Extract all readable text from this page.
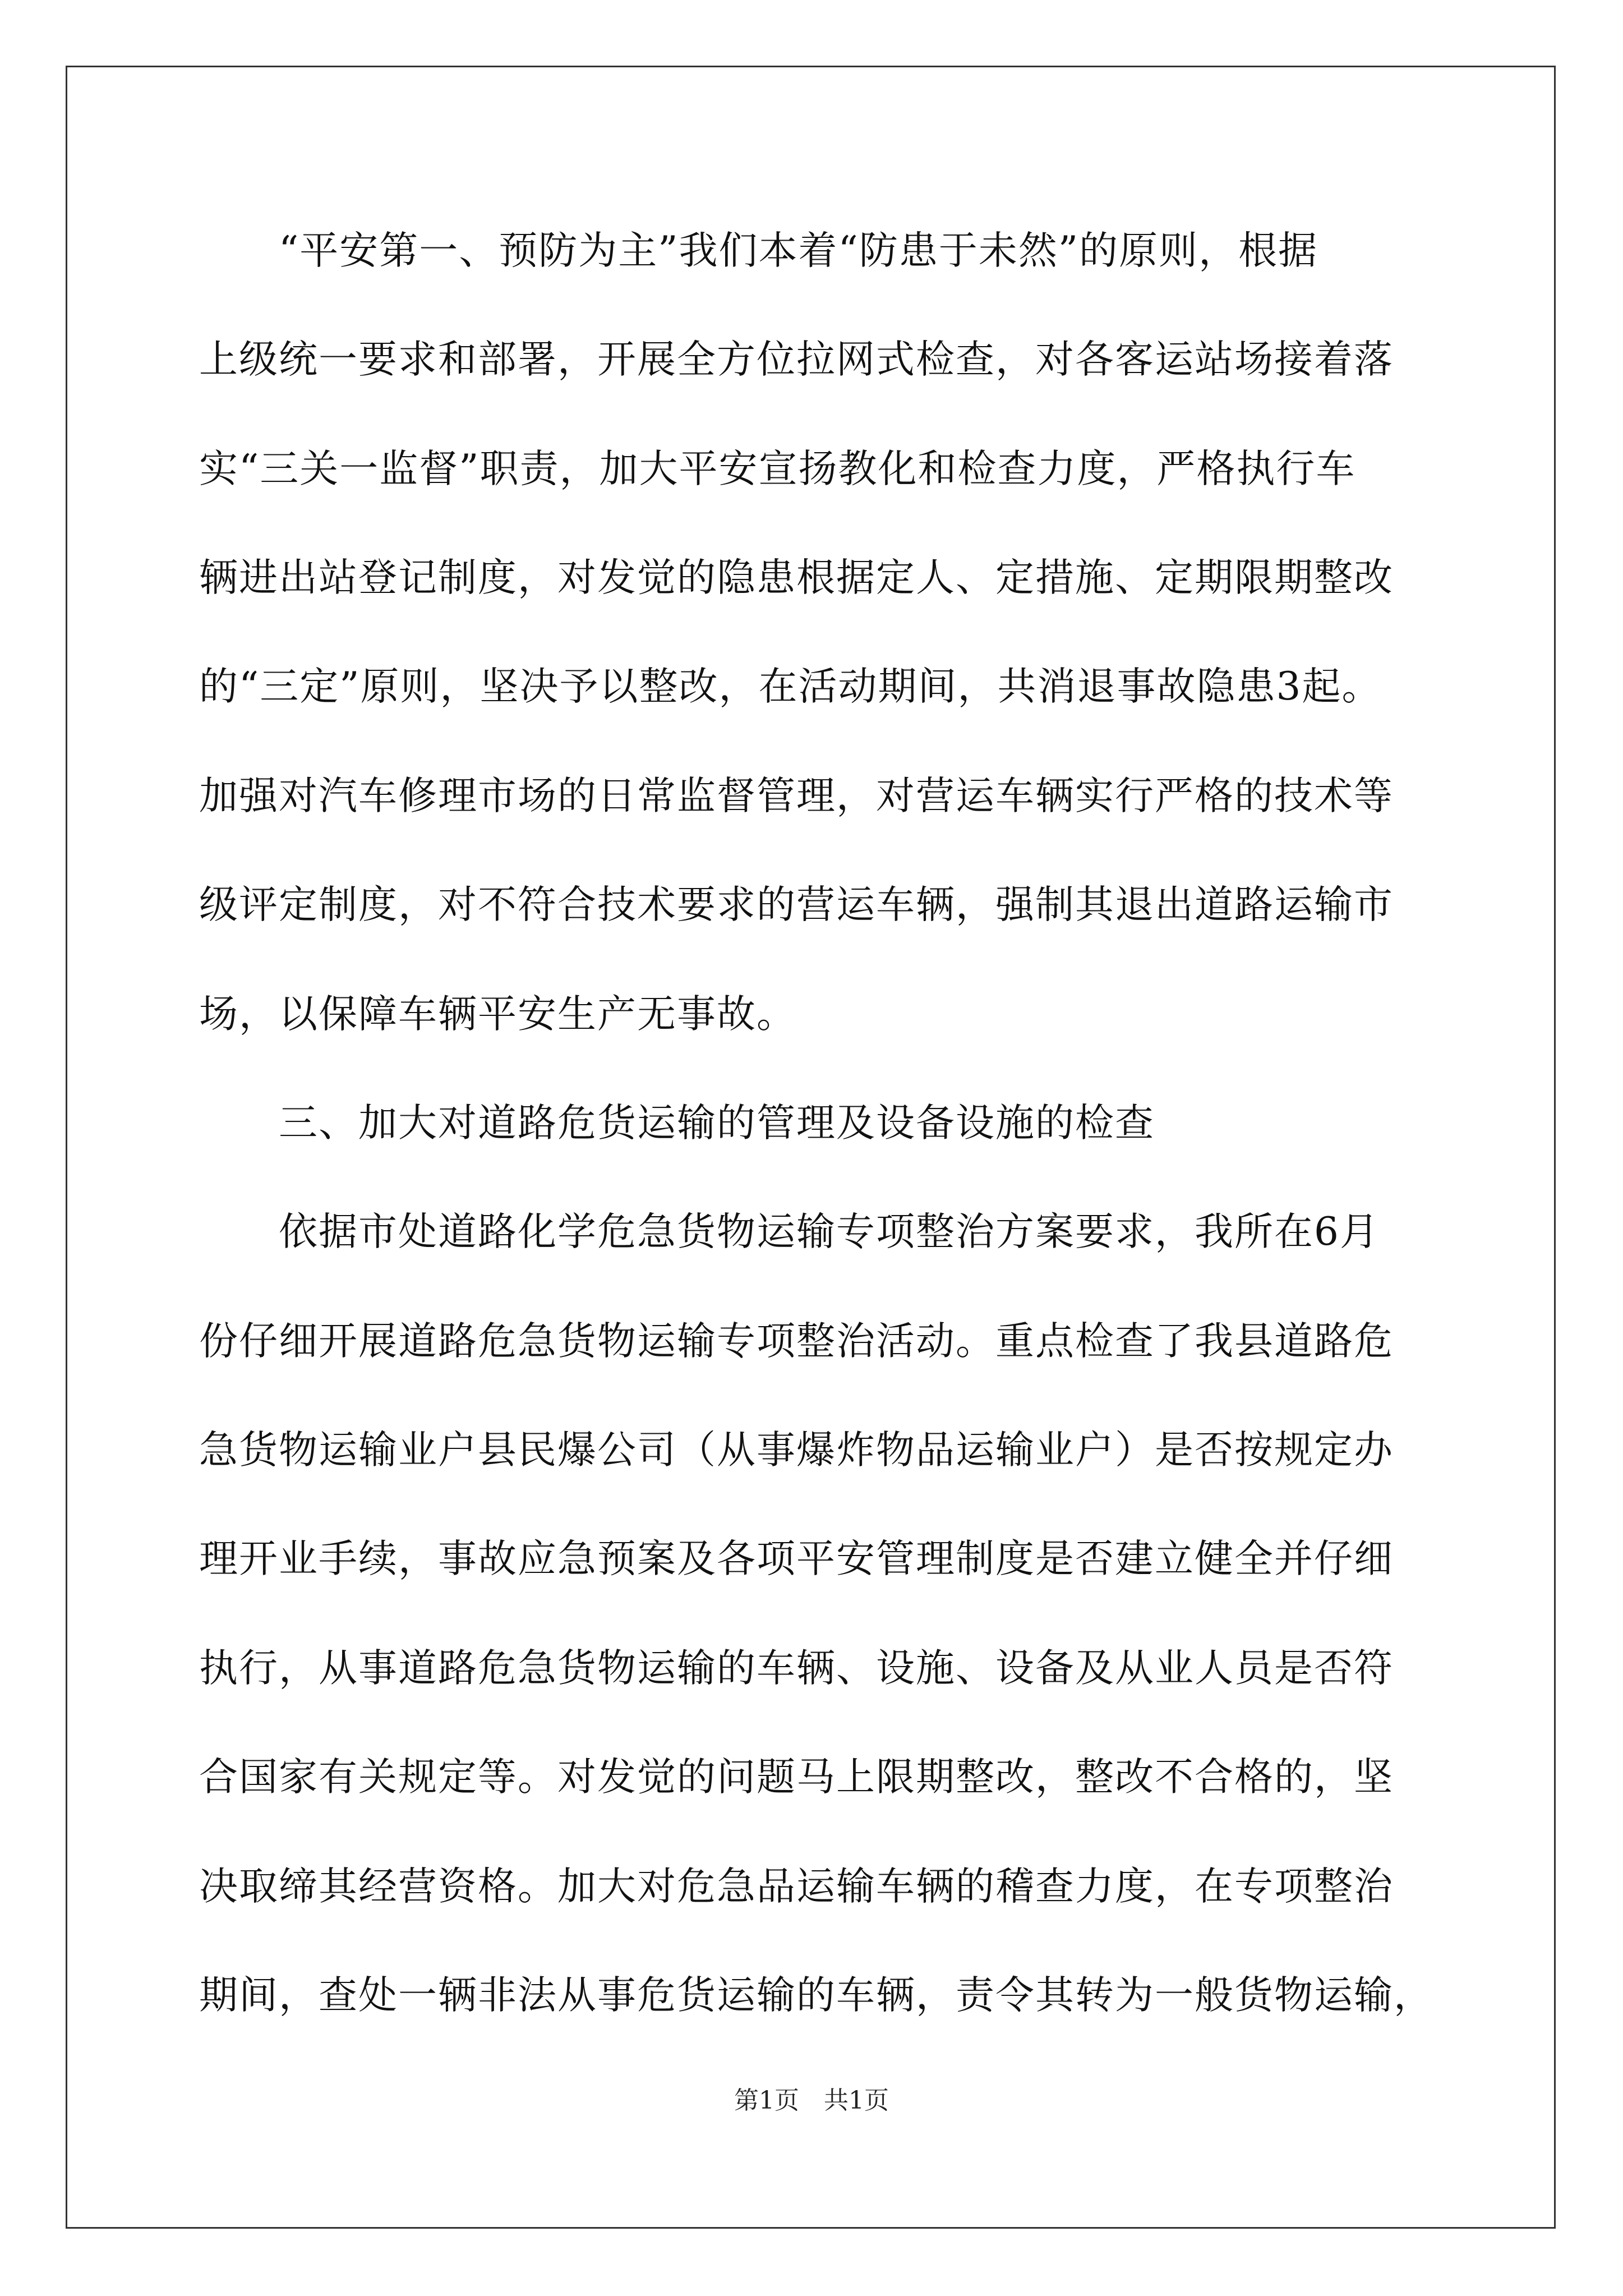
　　“平安第一、预防为主”我们本着“防患于未然”的原则，根据
上级统一要求和部署，开展全方位拉网式检查，对各客运站场接着落
实“三关一监督”职责，加大平安宣扬教化和检查力度，严格执行车
辆进出站登记制度，对发觉的隐患根据定人、定措施、定期限期整改
的“三定”原则，坚决予以整改，在活动期间，共消退事故隐患3起。
加强对汽车修理市场的日常监督管理，对营运车辆实行严格的技术等
级评定制度，对不符合技术要求的营运车辆，强制其退出道路运输市
场，以保障车辆平安生产无事故。
　　三、加大对道路危货运输的管理及设备设施的检查
　　依据市处道路化学危急货物运输专项整治方案要求，我所在6月
份仔细开展道路危急货物运输专项整治活动。重点检查了我县道路危
急货物运输业户县民爆公司（从事爆炸物品运输业户）是否按规定办
理开业手续，事故应急预案及各项平安管理制度是否建立健全并仔细
执行，从事道路危急货物运输的车辆、设施、设备及从业人员是否符
合国家有关规定等。对发觉的问题马上限期整改，整改不合格的，坚
决取缔其经营资格。加大对危急品运输车辆的稽查力度，在专项整治
期间，查处一辆非法从事危货运输的车辆，责令其转为一般货物运输，
第1页　共1页
